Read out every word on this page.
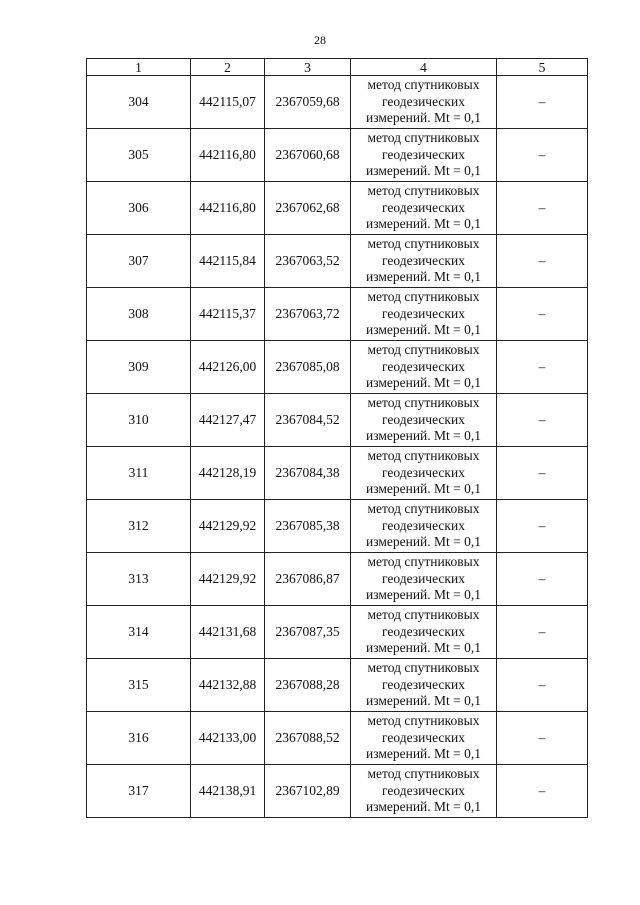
28
1	2	3	4	5
304	442115,07	2367059,68	метод спутниковых
геодезических
измерений. Mt = 0,1	–
305	442116,80	2367060,68	метод спутниковых
геодезических
измерений. Mt = 0,1	–
306	442116,80	2367062,68	метод спутниковых
геодезических
измерений. Mt = 0,1	–
307	442115,84	2367063,52	метод спутниковых
геодезических
измерений. Mt = 0,1	–
308	442115,37	2367063,72	метод спутниковых
геодезических
измерений. Mt = 0,1	–
309	442126,00	2367085,08	метод спутниковых
геодезических
измерений. Mt = 0,1	–
310	442127,47	2367084,52	метод спутниковых
геодезических
измерений. Mt = 0,1	–
311	442128,19	2367084,38	метод спутниковых
геодезических
измерений. Mt = 0,1	–
312	442129,92	2367085,38	метод спутниковых
геодезических
измерений. Mt = 0,1	–
313	442129,92	2367086,87	метод спутниковых
геодезических
измерений. Mt = 0,1	–
314	442131,68	2367087,35	метод спутниковых
геодезических
измерений. Mt = 0,1	–
315	442132,88	2367088,28	метод спутниковых
геодезических
измерений. Mt = 0,1	–
316	442133,00	2367088,52	метод спутниковых
геодезических
измерений. Mt = 0,1	–
317	442138,91	2367102,89	метод спутниковых
геодезических
измерений. Mt = 0,1	–
